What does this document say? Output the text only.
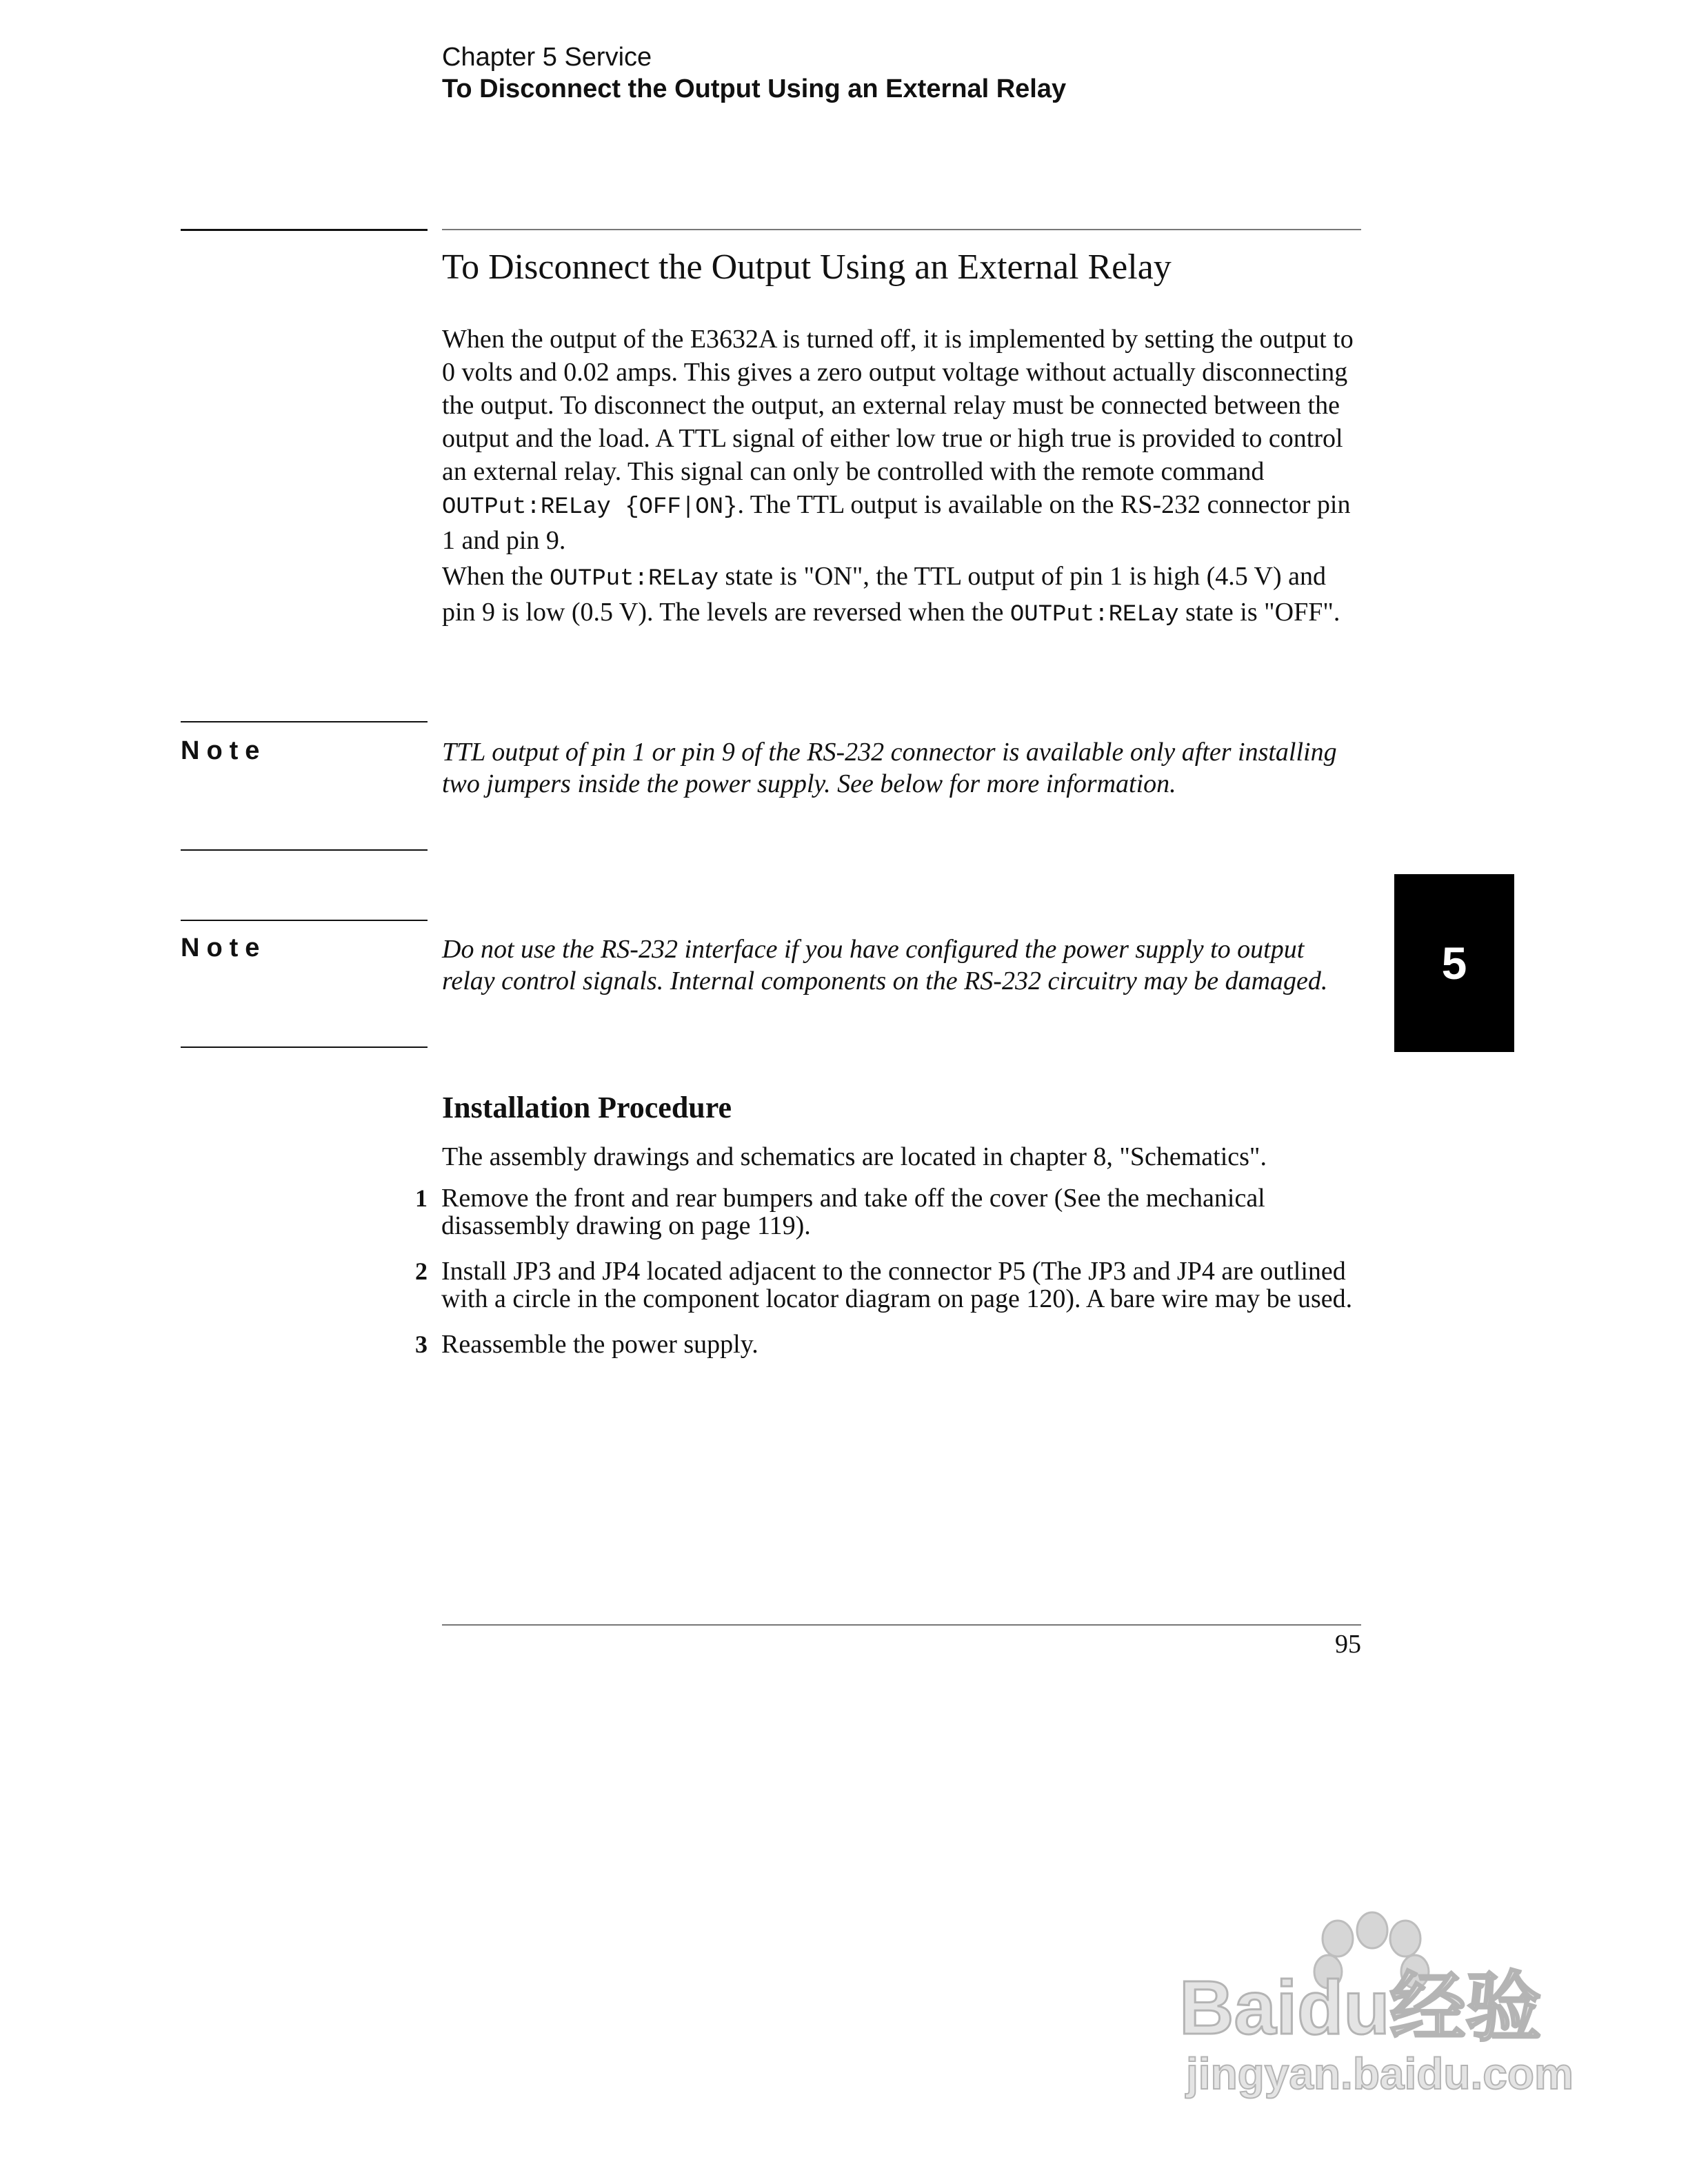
Chapter 5 Service
To Disconnect the Output Using an External Relay
To Disconnect the Output Using an External Relay

When the output of the E3632A is turned off, it is implemented by setting the output to 0 volts and 0.02 amps. This gives a zero output voltage without actually disconnecting the output. To disconnect the output, an external relay must be connected between the output and the load. A TTL signal of either low true or high true is provided to control an external relay. This signal can only be controlled with the remote command OUTPut:RELay {OFF|ON}. The TTL output is available on the RS-232 connector pin 1 and pin 9.

When the OUTPut:RELay state is "ON", the TTL output of pin 1 is high (4.5 V) and pin 9 is low (0.5 V). The levels are reversed when the OUTPut:RELay state is "OFF".

Note	TTL output of pin 1 or pin 9 of the RS-232 connector is available only after installing two jumpers inside the power supply. See below for more information.

Note	Do not use the RS-232 interface if you have configured the power supply to output relay control signals. Internal components on the RS-232 circuitry may be damaged.	5
Installation Procedure

The assembly drawings and schematics are located in chapter 8, "Schematics".

1 Remove the front and rear bumpers and take off the cover (See the mechanical disassembly drawing on page 119).
2 Install JP3 and JP4 located adjacent to the connector P5 (The JP3 and JP4 are outlined with a circle in the component locator diagram on page 120). A bare wire may be used.
3 Reassemble the power supply.
95
Baidu经验
jingyan.baidu.com
